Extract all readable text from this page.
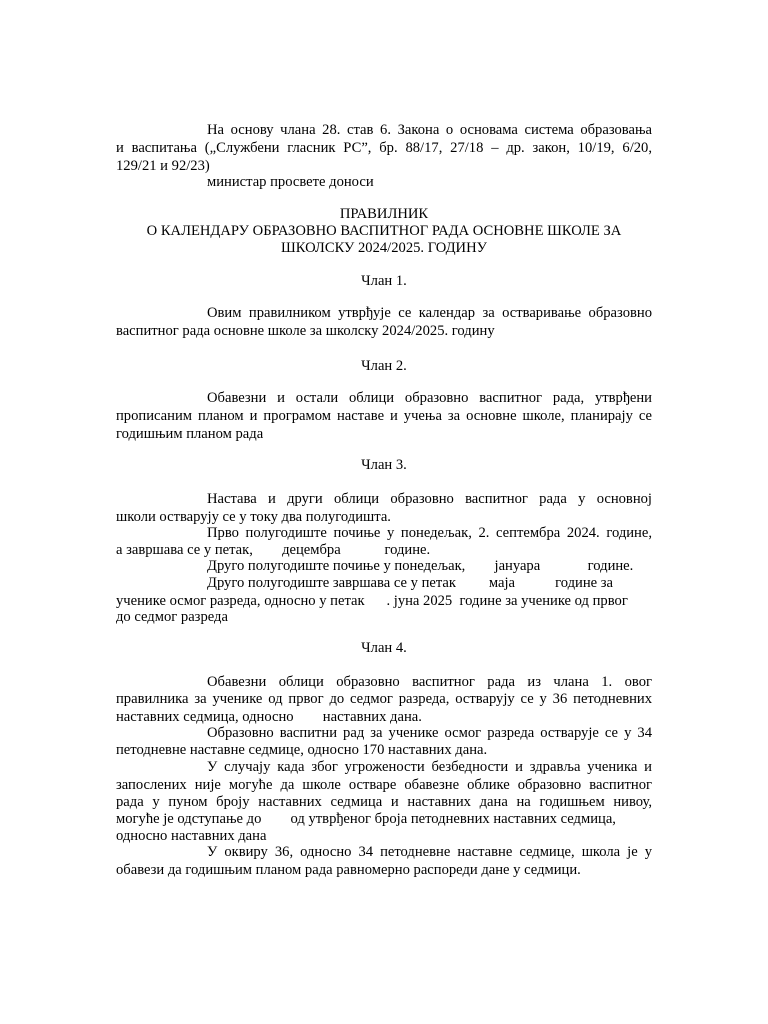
На основу члана 28. став 6. Закона о основама система образовања
и васпитања („Службени гласник РС”, бр. 88/17, 27/18 – др. закон, 10/19, 6/20,
129/21 и 92/23)
министар просвете доноси
ПРАВИЛНИК
О КАЛЕНДАРУ ОБРАЗОВНО ВАСПИТНОГ РАДА ОСНОВНЕ ШКОЛЕ ЗА
ШКОЛСКУ 2024/2025. ГОДИНУ
Члан 1.
Овим правилником утврђује се календар за остваривање образовно
васпитног рада основне школе за школску 2024/2025. годину
Члан 2.
Обавезни и остали облици образовно васпитног рада, утврђени
прописаним планом и програмом наставе и учења за основне школе, планирају се
годишњим планом рада
Члан 3.
Настава и други облици образовно васпитног рада у основној
школи остварују се у току два полугодишта.
Прво полугодиште почиње у понедељак, 2. септембра 2024. године,
а завршава се у петак,        децембра            године.
Друго полугодиште почиње у понедељак,        јануара             године.
Друго полугодиште завршава се у петак         маја           године за
ученике осмог разреда, односно у петак      . јуна 2025  године за ученике од првог
до седмог разреда
Члан 4.
Обавезни облици образовно васпитног рада из члана 1. овог
правилника за ученике од првог до седмог разреда, остварују се у 36 петодневних
наставних седмица, односно        наставних дана.
Образовно васпитни рад за ученике осмог разреда остварује се у 34
петодневне наставне седмице, односно 170 наставних дана.
У случају када због угрожености безбедности и здравља ученика и
запослених није могуће да школе остваре обавезне облике образовно васпитног
рада у пуном броју наставних седмица и наставних дана на годишњем нивоу,
могуће је одступање до        од утврђеног броја петодневних наставних седмица,
односно наставних дана
У оквиру 36, односно 34 петодневне наставне седмице, школа је у
обавези да годишњим планом рада равномерно распореди дане у седмици.
